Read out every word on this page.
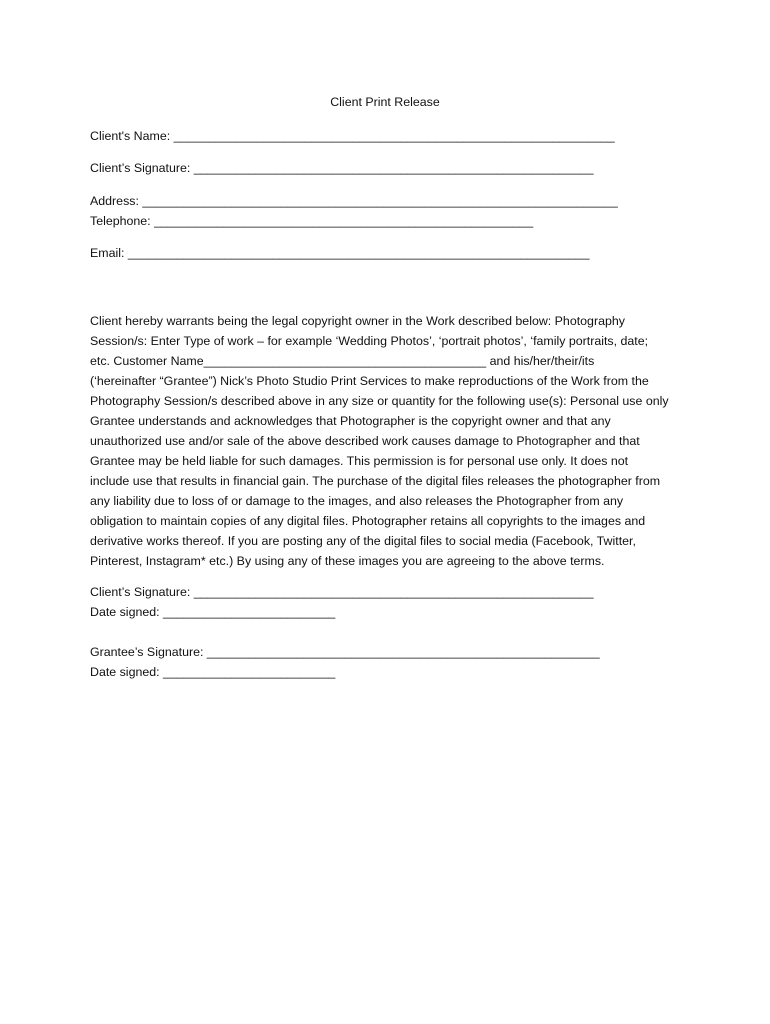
Client Print Release
Client's Name: ________________________________________________________________
Client’s Signature: __________________________________________________________
Address: _____________________________________________________________________
Telephone: _______________________________________________________
Email: ___________________________________________________________________
Client hereby warrants being the legal copyright owner in the Work described below: Photography
Session/s: Enter Type of work – for example ‘Wedding Photos’, ‘portrait photos’, ‘family portraits, date;
etc. Customer Name_________________________________________ and his/her/their/its
(‘hereinafter “Grantee”) Nick’s Photo Studio Print Services to make reproductions of the Work from the
Photography Session/s described above in any size or quantity for the following use(s): Personal use only
Grantee understands and acknowledges that Photographer is the copyright owner and that any
unauthorized use and/or sale of the above described work causes damage to Photographer and that
Grantee may be held liable for such damages. This permission is for personal use only. It does not
include use that results in financial gain. The purchase of the digital files releases the photographer from
any liability due to loss of or damage to the images, and also releases the Photographer from any
obligation to maintain copies of any digital files. Photographer retains all copyrights to the images and
derivative works thereof. If you are posting any of the digital files to social media (Facebook, Twitter,
Pinterest, Instagram* etc.) By using any of these images you are agreeing to the above terms.
Client’s Signature: __________________________________________________________
Date signed: _________________________
Grantee’s Signature: _________________________________________________________
Date signed: _________________________
